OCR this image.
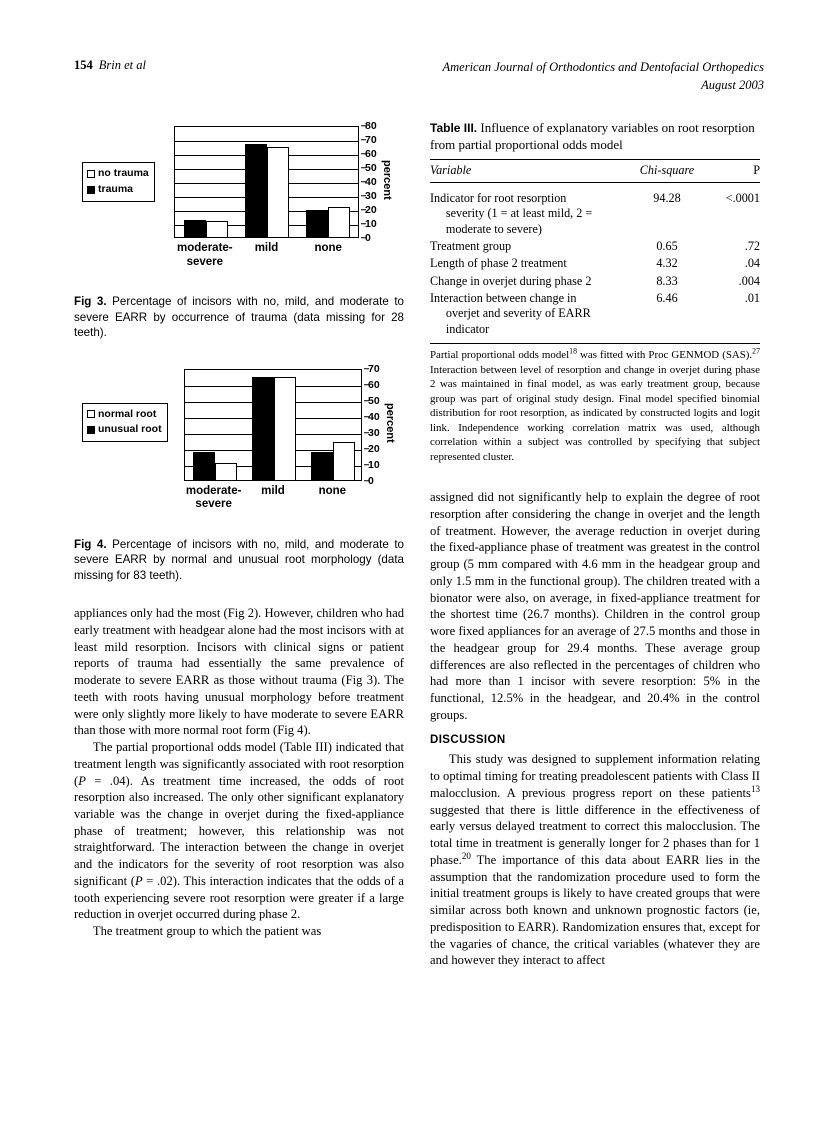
154 Brin et al	American Journal of Orthodontics and Dentofacial Orthopedics
August 2003
80
70
60
50
40
30
20
10
0
percent
no trauma
trauma
moderate-
severe
mild	none

Fig 3. Percentage of incisors with no, mild, and moderate to severe EARR by occurrence of trauma (data missing for 28 teeth).

70
60
50
40
30
20
10
0
percent
normal root
unusual root
moderate-
severe
mild	none

Fig 4. Percentage of incisors with no, mild, and moderate to severe EARR by normal and unusual root morphology (data missing for 83 teeth).

appliances only had the most (Fig 2). However, children who had early treatment with headgear alone had the most incisors with at least mild resorption. Incisors with clinical signs or patient reports of trauma had essentially the same prevalence of moderate to severe EARR as those without trauma (Fig 3). The teeth with roots having unusual morphology before treatment were only slightly more likely to have moderate to severe EARR than those with more normal root form (Fig 4).

The partial proportional odds model (Table III) indicated that treatment length was significantly associated with root resorption (P = .04). As treatment time increased, the odds of root resorption also increased. The only other significant explanatory variable was the change in overjet during the fixed-appliance phase of treatment; however, this relationship was not straightforward. The interaction between the change in overjet and the indicators for the severity of root resorption was also significant (P = .02). This interaction indicates that the odds of a tooth experiencing severe root resorption were greater if a large reduction in overjet occurred during phase 2.

The treatment group to which the patient was

Table III. Influence of explanatory variables on root resorption from partial proportional odds model

Variable	Chi-square	P

Indicator for root resorption
severity (1 = at least mild, 2 = moderate to severe)	94.28	<.0001
Treatment group	0.65	.72
Length of phase 2 treatment	4.32	.04
Change in overjet during phase 2	8.33	.004

Interaction between change in
overjet and severity of EARR indicator	6.46	.01

Partial proportional odds model$^{18}$ was fitted with Proc GENMOD (SAS).$^{27}$ Interaction between level of resorption and change in overjet during phase 2 was maintained in final model, as was early treatment group, because group was part of original study design. Final model specified binomial distribution for root resorption, as indicated by constructed logits and logit link. Independence working correlation matrix was used, although correlation within a subject was controlled by specifying that subject represented cluster.

assigned did not significantly help to explain the degree of root resorption after considering the change in overjet and the length of treatment. However, the average reduction in overjet during the fixed-appliance phase of treatment was greatest in the control group (5 mm compared with 4.6 mm in the headgear group and only 1.5 mm in the functional group). The children treated with a bionator were also, on average, in fixed-appliance treatment for the shortest time (26.7 months). Children in the control group wore fixed appliances for an average of 27.5 months and those in the headgear group for 29.4 months. These average group differences are also reflected in the percentages of children who had more than 1 incisor with severe resorption: 5% in the functional, 12.5% in the headgear, and 20.4% in the control groups.

DISCUSSION

This study was designed to supplement information relating to optimal timing for treating preadolescent patients with Class II malocclusion. A previous progress report on these patients$^{13}$ suggested that there is little difference in the effectiveness of early versus delayed treatment to correct this malocclusion. The total time in treatment is generally longer for 2 phases than for 1 phase.$^{20}$ The importance of this data about EARR lies in the assumption that the randomization procedure used to form the initial treatment groups is likely to have created groups that were similar across both known and unknown prognostic factors (ie, predisposition to EARR). Randomization ensures that, except for the vagaries of chance, the critical variables (whatever they are and however they interact to affect
